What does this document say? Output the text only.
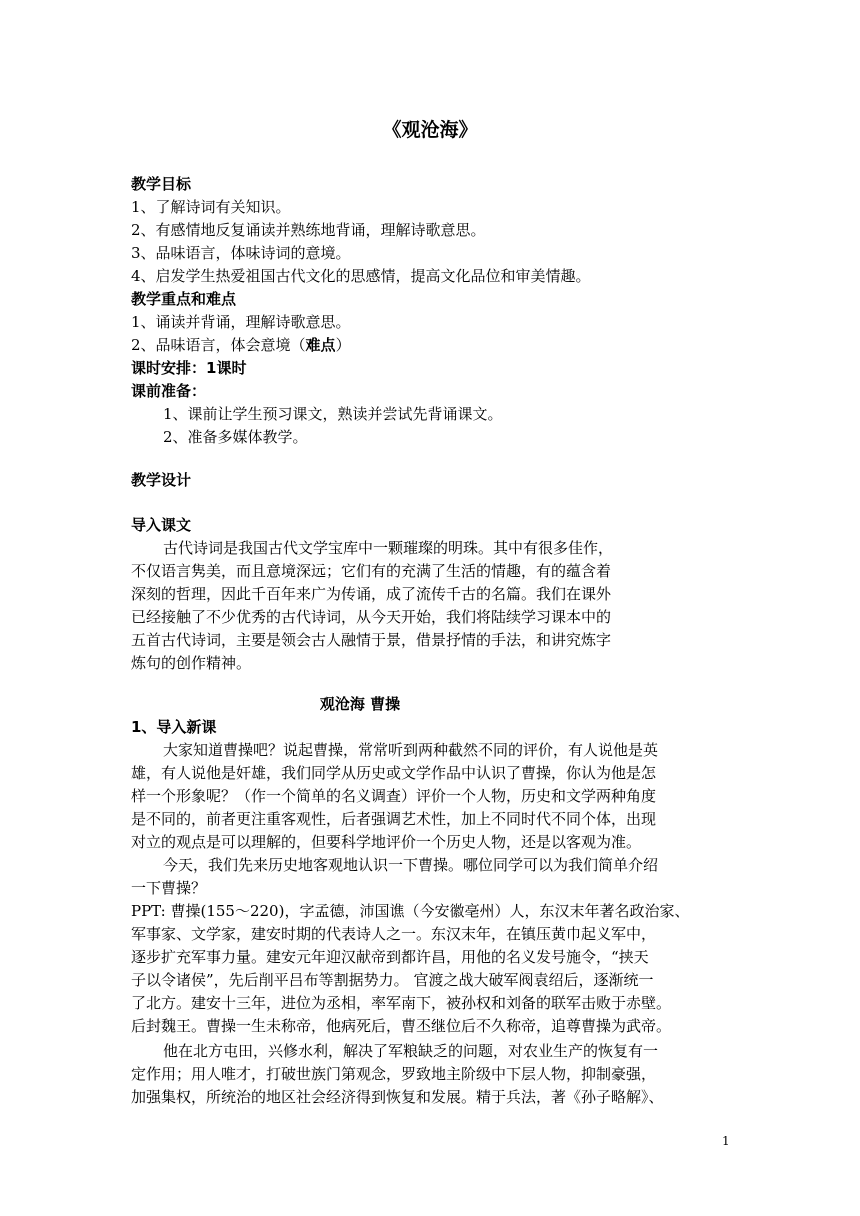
《观沧海》
教学目标
1、了解诗词有关知识。
2、有感情地反复诵读并熟练地背诵，理解诗歌意思。
3、品味语言，体味诗词的意境。
4、启发学生热爱祖国古代文化的思感情，提高文化品位和审美情趣。
教学重点和难点
1、诵读并背诵，理解诗歌意思。
2、品味语言，体会意境（难点）
课时安排：1课时
课前准备：
1、课前让学生预习课文，熟读并尝试先背诵课文。
2、准备多媒体教学。
教学设计
导入课文
古代诗词是我国古代文学宝库中一颗璀璨的明珠。其中有很多佳作，
不仅语言隽美，而且意境深远；它们有的充满了生活的情趣，有的蕴含着
深刻的哲理，因此千百年来广为传诵，成了流传千古的名篇。我们在课外
已经接触了不少优秀的古代诗词，从今天开始，我们将陆续学习课本中的
五首古代诗词，主要是领会古人融情于景，借景抒情的手法，和讲究炼字
炼句的创作精神。
观沧海 曹操
1、导入新课
大家知道曹操吧？说起曹操，常常听到两种截然不同的评价，有人说他是英
雄，有人说他是奸雄，我们同学从历史或文学作品中认识了曹操，你认为他是怎
样一个形象呢？（作一个简单的名义调查）评价一个人物，历史和文学两种角度
是不同的，前者更注重客观性，后者强调艺术性，加上不同时代不同个体，出现
对立的观点是可以理解的，但要科学地评价一个历史人物，还是以客观为准。
今天，我们先来历史地客观地认识一下曹操。哪位同学可以为我们简单介绍
一下曹操？
PPT: 曹操(155～220)，字孟德，沛国谯（今安徽亳州）人，东汉末年著名政治家、
军事家、文学家，建安时期的代表诗人之一。东汉末年，在镇压黄巾起义军中，
逐步扩充军事力量。建安元年迎汉献帝到都许昌，用他的名义发号施令，“挟天
子以令诸侯”，先后削平吕布等割据势力。 官渡之战大破军阀袁绍后，逐渐统一
了北方。建安十三年，进位为丞相，率军南下，被孙权和刘备的联军击败于赤壁。
后封魏王。曹操一生未称帝，他病死后，曹丕继位后不久称帝，追尊曹操为武帝。
他在北方屯田，兴修水利，解决了军粮缺乏的问题，对农业生产的恢复有一
定作用；用人唯才，打破世族门第观念，罗致地主阶级中下层人物，抑制豪强，
加强集权，所统治的地区社会经济得到恢复和发展。精于兵法，著《孙子略解》、
1
